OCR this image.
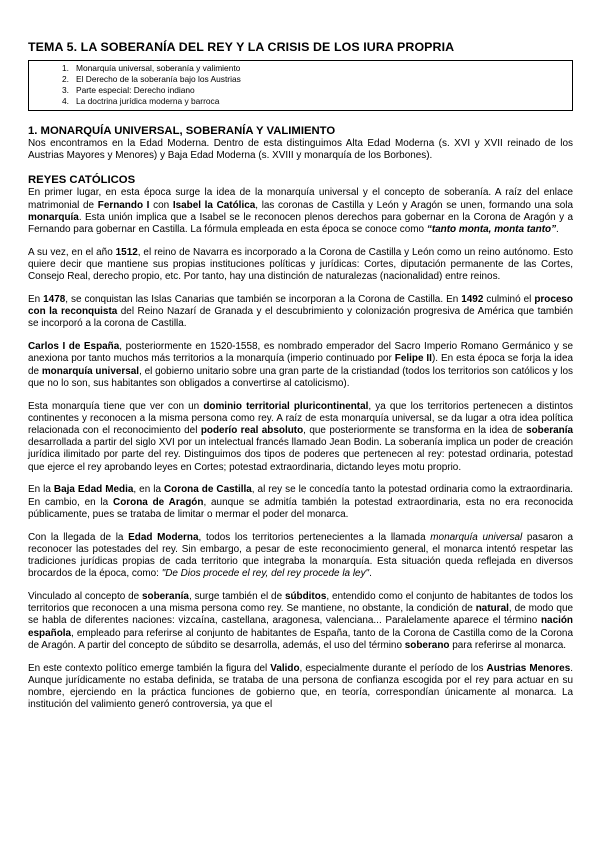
TEMA 5. LA SOBERANÍA DEL REY Y LA CRISIS DE LOS IURA PROPRIA
1. Monarquía universal, soberanía y valimiento
2. El Derecho de la soberanía bajo los Austrias
3. Parte especial: Derecho indiano
4. La doctrina jurídica moderna y barroca
1. MONARQUÍA UNIVERSAL, SOBERANÍA Y VALIMIENTO

Nos encontramos en la Edad Moderna. Dentro de esta distinguimos Alta Edad Moderna (s. XVI y XVII reinado de los Austrias Mayores y Menores) y Baja Edad Moderna (s. XVIII y monarquía de los Borbones).

REYES CATÓLICOS

En primer lugar, en esta época surge la idea de la monarquía universal y el concepto de soberanía. A raíz del enlace matrimonial de Fernando I con Isabel la Católica, las coronas de Castilla y León y Aragón se unen, formando una sola monarquía. Esta unión implica que a Isabel se le reconocen plenos derechos para gobernar en la Corona de Aragón y a Fernando para gobernar en Castilla. La fórmula empleada en esta época se conoce como “tanto monta, monta tanto”.

A su vez, en el año 1512, el reino de Navarra es incorporado a la Corona de Castilla y León como un reino autónomo. Esto quiere decir que mantiene sus propias instituciones políticas y jurídicas: Cortes, diputación permanente de las Cortes, Consejo Real, derecho propio, etc. Por tanto, hay una distinción de naturalezas (nacionalidad) entre reinos.

En 1478, se conquistan las Islas Canarias que también se incorporan a la Corona de Castilla. En 1492 culminó el proceso con la reconquista del Reino Nazarí de Granada y el descubrimiento y colonización progresiva de América que también se incorporó a la corona de Castilla.

Carlos I de España, posteriormente en 1520-1558, es nombrado emperador del Sacro Imperio Romano Germánico y se anexiona por tanto muchos más territorios a la monarquía (imperio continuado por Felipe II). En esta época se forja la idea de monarquía universal, el gobierno unitario sobre una gran parte de la cristiandad (todos los territorios son católicos y los que no lo son, sus habitantes son obligados a convertirse al catolicismo).

Esta monarquía tiene que ver con un dominio territorial pluricontinental, ya que los territorios pertenecen a distintos continentes y reconocen a la misma persona como rey. A raíz de esta monarquía universal, se da lugar a otra idea política relacionada con el reconocimiento del poderío real absoluto, que posteriormente se transforma en la idea de soberanía desarrollada a partir del siglo XVI por un intelectual francés llamado Jean Bodin. La soberanía implica un poder de creación jurídica ilimitado por parte del rey. Distinguimos dos tipos de poderes que pertenecen al rey: potestad ordinaria, potestad que ejerce el rey aprobando leyes en Cortes; potestad extraordinaria, dictando leyes motu proprio.

En la Baja Edad Media, en la Corona de Castilla, al rey se le concedía tanto la potestad ordinaria como la extraordinaria. En cambio, en la Corona de Aragón, aunque se admitía también la potestad extraordinaria, esta no era reconocida públicamente, pues se trataba de limitar o mermar el poder del monarca.

Con la llegada de la Edad Moderna, todos los territorios pertenecientes a la llamada monarquía universal pasaron a reconocer las potestades del rey. Sin embargo, a pesar de este reconocimiento general, el monarca intentó respetar las tradiciones jurídicas propias de cada territorio que integraba la monarquía. Esta situación queda reflejada en diversos brocardos de la época, como: "De Dios procede el rey, del rey procede la ley".

Vinculado al concepto de soberanía, surge también el de súbditos, entendido como el conjunto de habitantes de todos los territorios que reconocen a una misma persona como rey. Se mantiene, no obstante, la condición de natural, de modo que se habla de diferentes naciones: vizcaína, castellana, aragonesa, valenciana... Paralelamente aparece el término nación española, empleado para referirse al conjunto de habitantes de España, tanto de la Corona de Castilla como de la Corona de Aragón. A partir del concepto de súbdito se desarrolla, además, el uso del término soberano para referirse al monarca.

En este contexto político emerge también la figura del Valido, especialmente durante el período de los Austrias Menores. Aunque jurídicamente no estaba definida, se trataba de una persona de confianza escogida por el rey para actuar en su nombre, ejerciendo en la práctica funciones de gobierno que, en teoría, correspondían únicamente al monarca. La institución del valimiento generó controversia, ya que el
